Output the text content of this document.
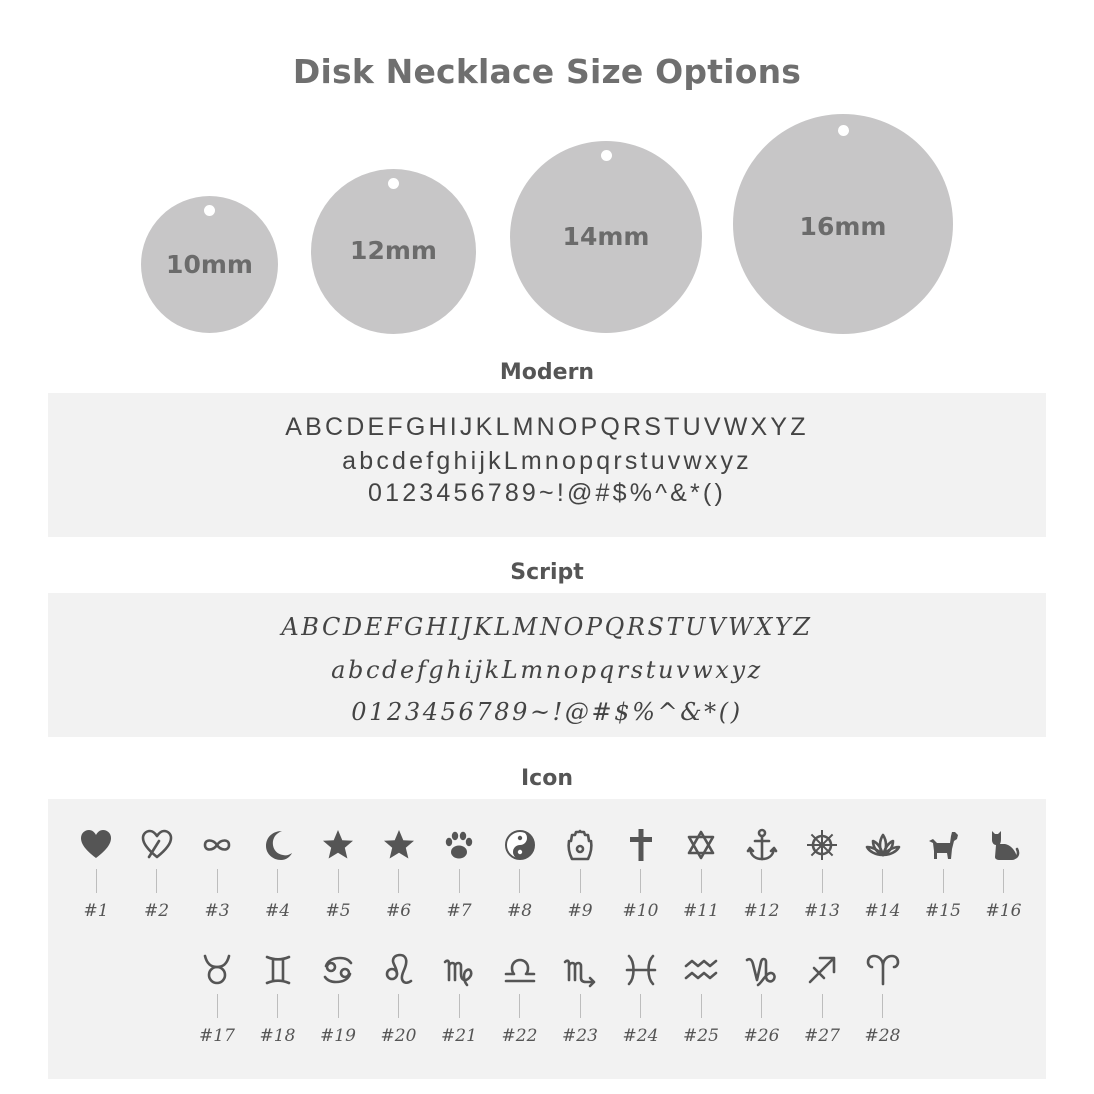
Disk Necklace Size Options
10mm	12mm	14mm	16mm
Modern
ABCDEFGHIJKLMNOPQRSTUVWXYZ
abcdefghijkLmnopqrstuvwxyz
0123456789~!@#$%^&*()
Script
ABCDEFGHIJKLMNOPQRSTUVWXYZ
abcdefghijkLmnopqrstuvwxyz
0123456789~!@#$%^&*()
Icon
#1	#2	#3	#4	#5	#6	#7	#8	#9	#10	#11	#12	#13	#14	#15	#16
#17	#18	#19	#20	#21	#22	#23	#24	#25	#26	#27	#28
